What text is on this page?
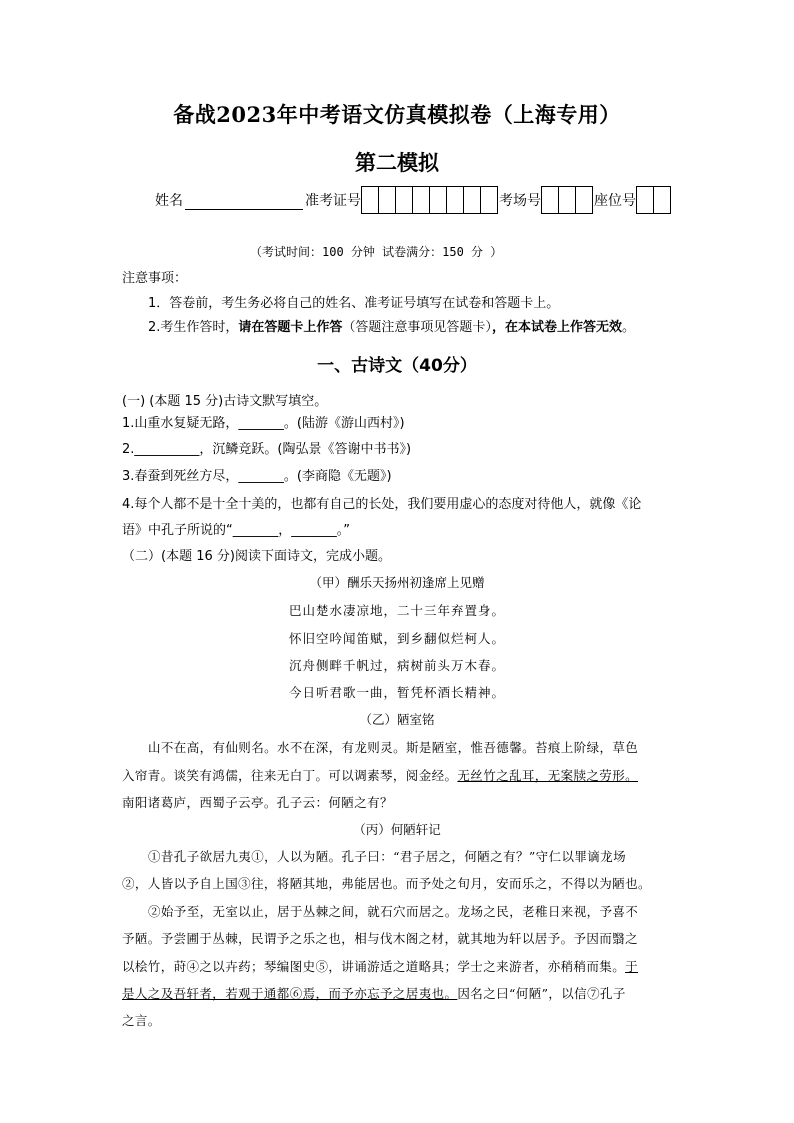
备战2023年中考语文仿真模拟卷（上海专用）
第二模拟
姓名	准考证号	考场号	座位号
（考试时间：100 分钟 试卷满分：150 分 ）
注意事项：
1．答卷前，考生务必将自己的姓名、准考证号填写在试卷和答题卡上。
2.考生作答时，请在答题卡上作答（答题注意事项见答题卡），在本试卷上作答无效。
一、古诗文（40分）
(一) (本题 15 分)古诗文默写填空。
1.山重水复疑无路，_______。(陆游《游山西村》)
2.__________，沉鳞竞跃。(陶弘景《答谢中书书》)
3.春蚕到死丝方尽，_______。(李商隐《无题》)
4.每个人都不是十全十美的，也都有自己的长处，我们要用虚心的态度对待他人，就像《论
语》中孔子所说的“_______，_______。”
（二）(本题 16 分)阅读下面诗文，完成小题。
（甲）酬乐天扬州初逢席上见赠
巴山楚水凄凉地，二十三年弃置身。
怀旧空吟闻笛赋，到乡翻似烂柯人。
沉舟侧畔千帆过，病树前头万木春。
今日听君歌一曲，暂凭杯酒长精神。
（乙）陋室铭
山不在高，有仙则名。水不在深，有龙则灵。斯是陋室，惟吾德馨。苔痕上阶绿，草色
入帘青。谈笑有鸿儒，往来无白丁。可以调素琴，阅金经。无丝竹之乱耳，无案牍之劳形。
南阳诸葛庐，西蜀子云亭。孔子云：何陋之有？
（丙）何陋轩记
①昔孔子欲居九夷①，人以为陋。孔子曰：“君子居之，何陋之有？”守仁以罪谪龙场
②，人皆以予自上国③往，将陋其地，弗能居也。而予处之旬月，安而乐之，不得以为陋也。
②始予至，无室以止，居于丛棘之间，就石穴而居之。龙场之民，老稚日来视，予喜不
予陋。予尝圃于丛棘，民谓予之乐之也，相与伐木阁之材，就其地为轩以居予。予因而翳之
以桧竹，莳④之以卉药；琴编图史⑤，讲诵游适之道略具；学士之来游者，亦稍稍而集。于
是人之及吾轩者，若观于通都⑥焉，而予亦忘予之居夷也。因名之曰“何陋”，以信⑦孔子
之言。
